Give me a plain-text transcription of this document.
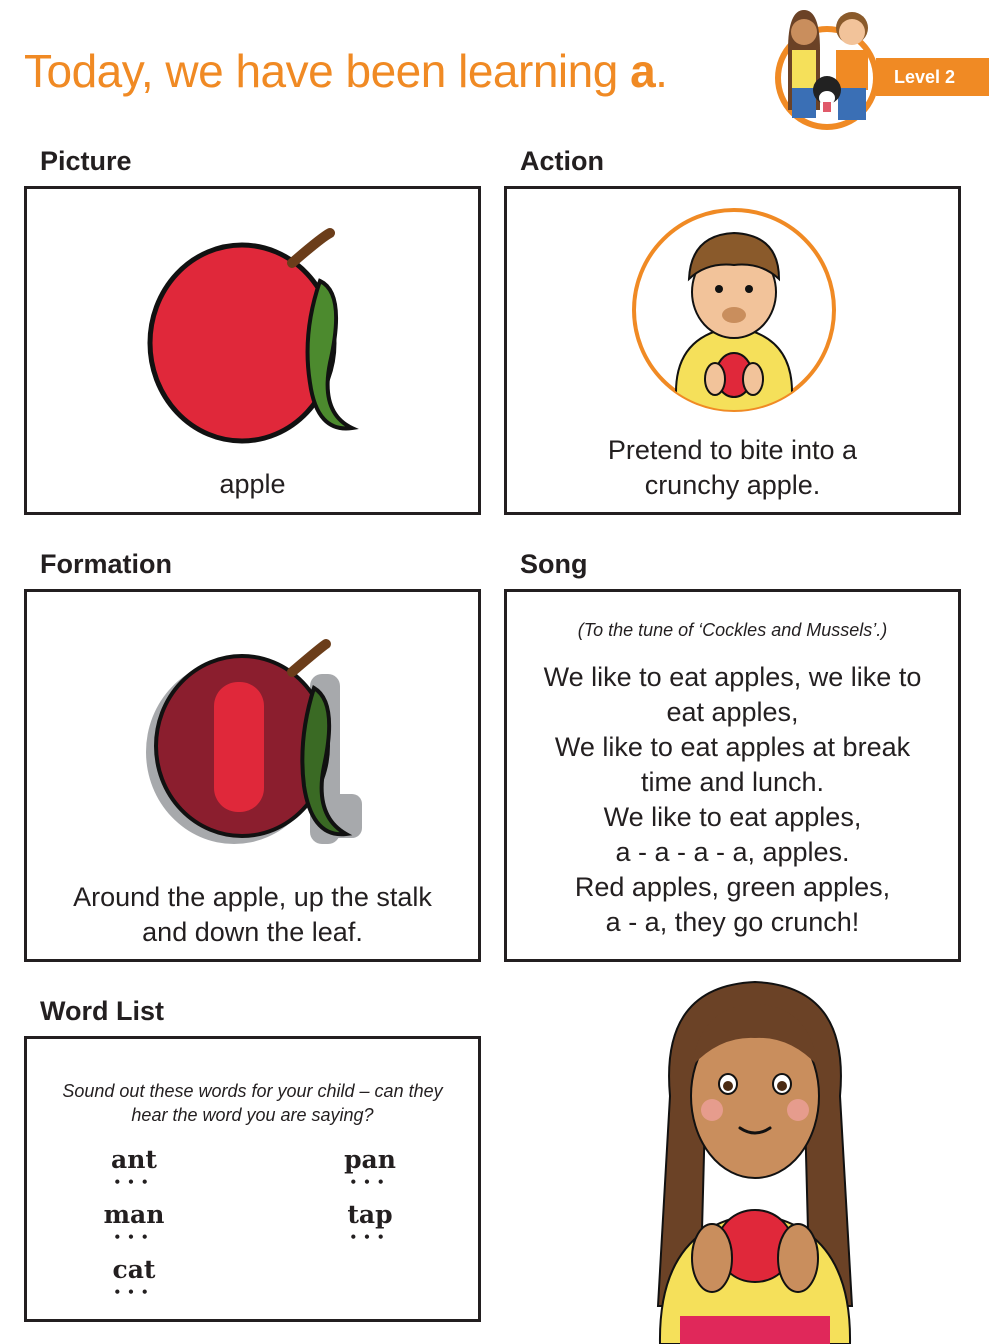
Today, we have been learning a.	Level 2
Picture
apple
Action
Pretend to bite into a
crunchy apple.
Formation
Around the apple, up the stalk
and down the leaf.
Song
(To the tune of ‘Cockles and Mussels’.)
We like to eat apples, we like to
eat apples,
We like to eat apples at break
time and lunch.
We like to eat apples,
a - a - a - a, apples.
Red apples, green apples,
a - a, they go crunch!
Word List
Sound out these words for your child – can they
hear the word you are saying?
ant
•••
pan
•••
man
•••
tap
•••
cat
•••
